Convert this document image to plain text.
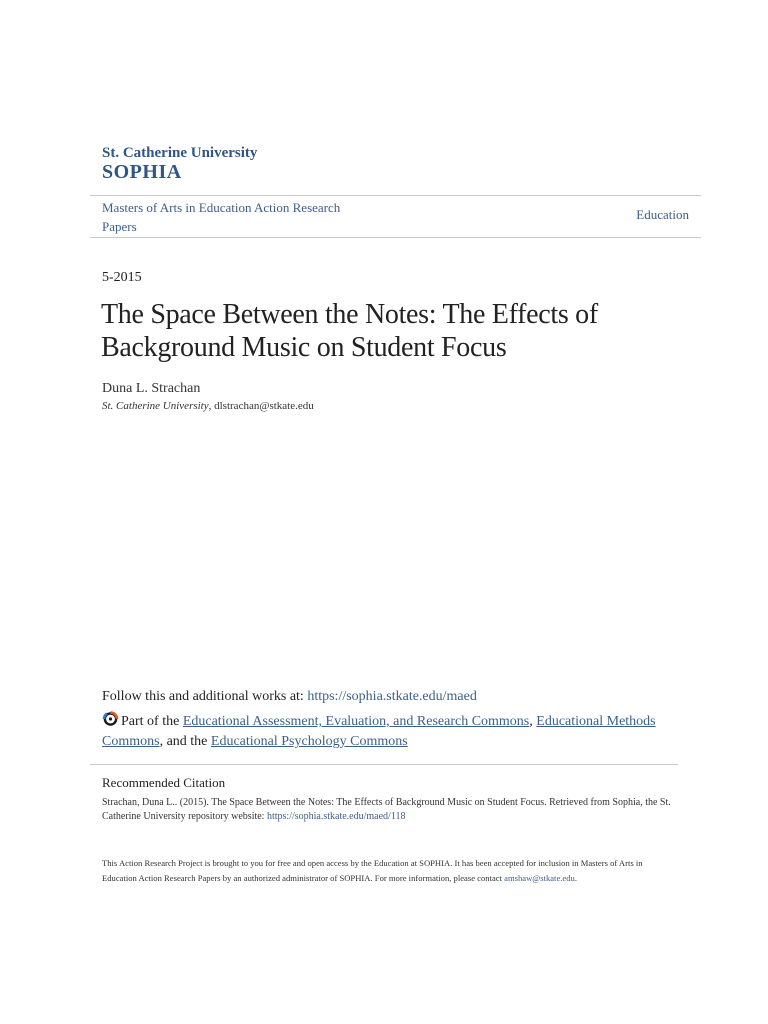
St. Catherine University
SOPHIA
Masters of Arts in Education Action Research Papers
Education
5-2015
The Space Between the Notes: The Effects of Background Music on Student Focus
Duna L. Strachan
St. Catherine University, dlstrachan@stkate.edu
Follow this and additional works at: https://sophia.stkate.edu/maed
Part of the Educational Assessment, Evaluation, and Research Commons, Educational Methods Commons, and the Educational Psychology Commons
Recommended Citation
Strachan, Duna L.. (2015). The Space Between the Notes: The Effects of Background Music on Student Focus. Retrieved from Sophia, the St. Catherine University repository website: https://sophia.stkate.edu/maed/118
This Action Research Project is brought to you for free and open access by the Education at SOPHIA. It has been accepted for inclusion in Masters of Arts in Education Action Research Papers by an authorized administrator of SOPHIA. For more information, please contact amshaw@stkate.edu.
